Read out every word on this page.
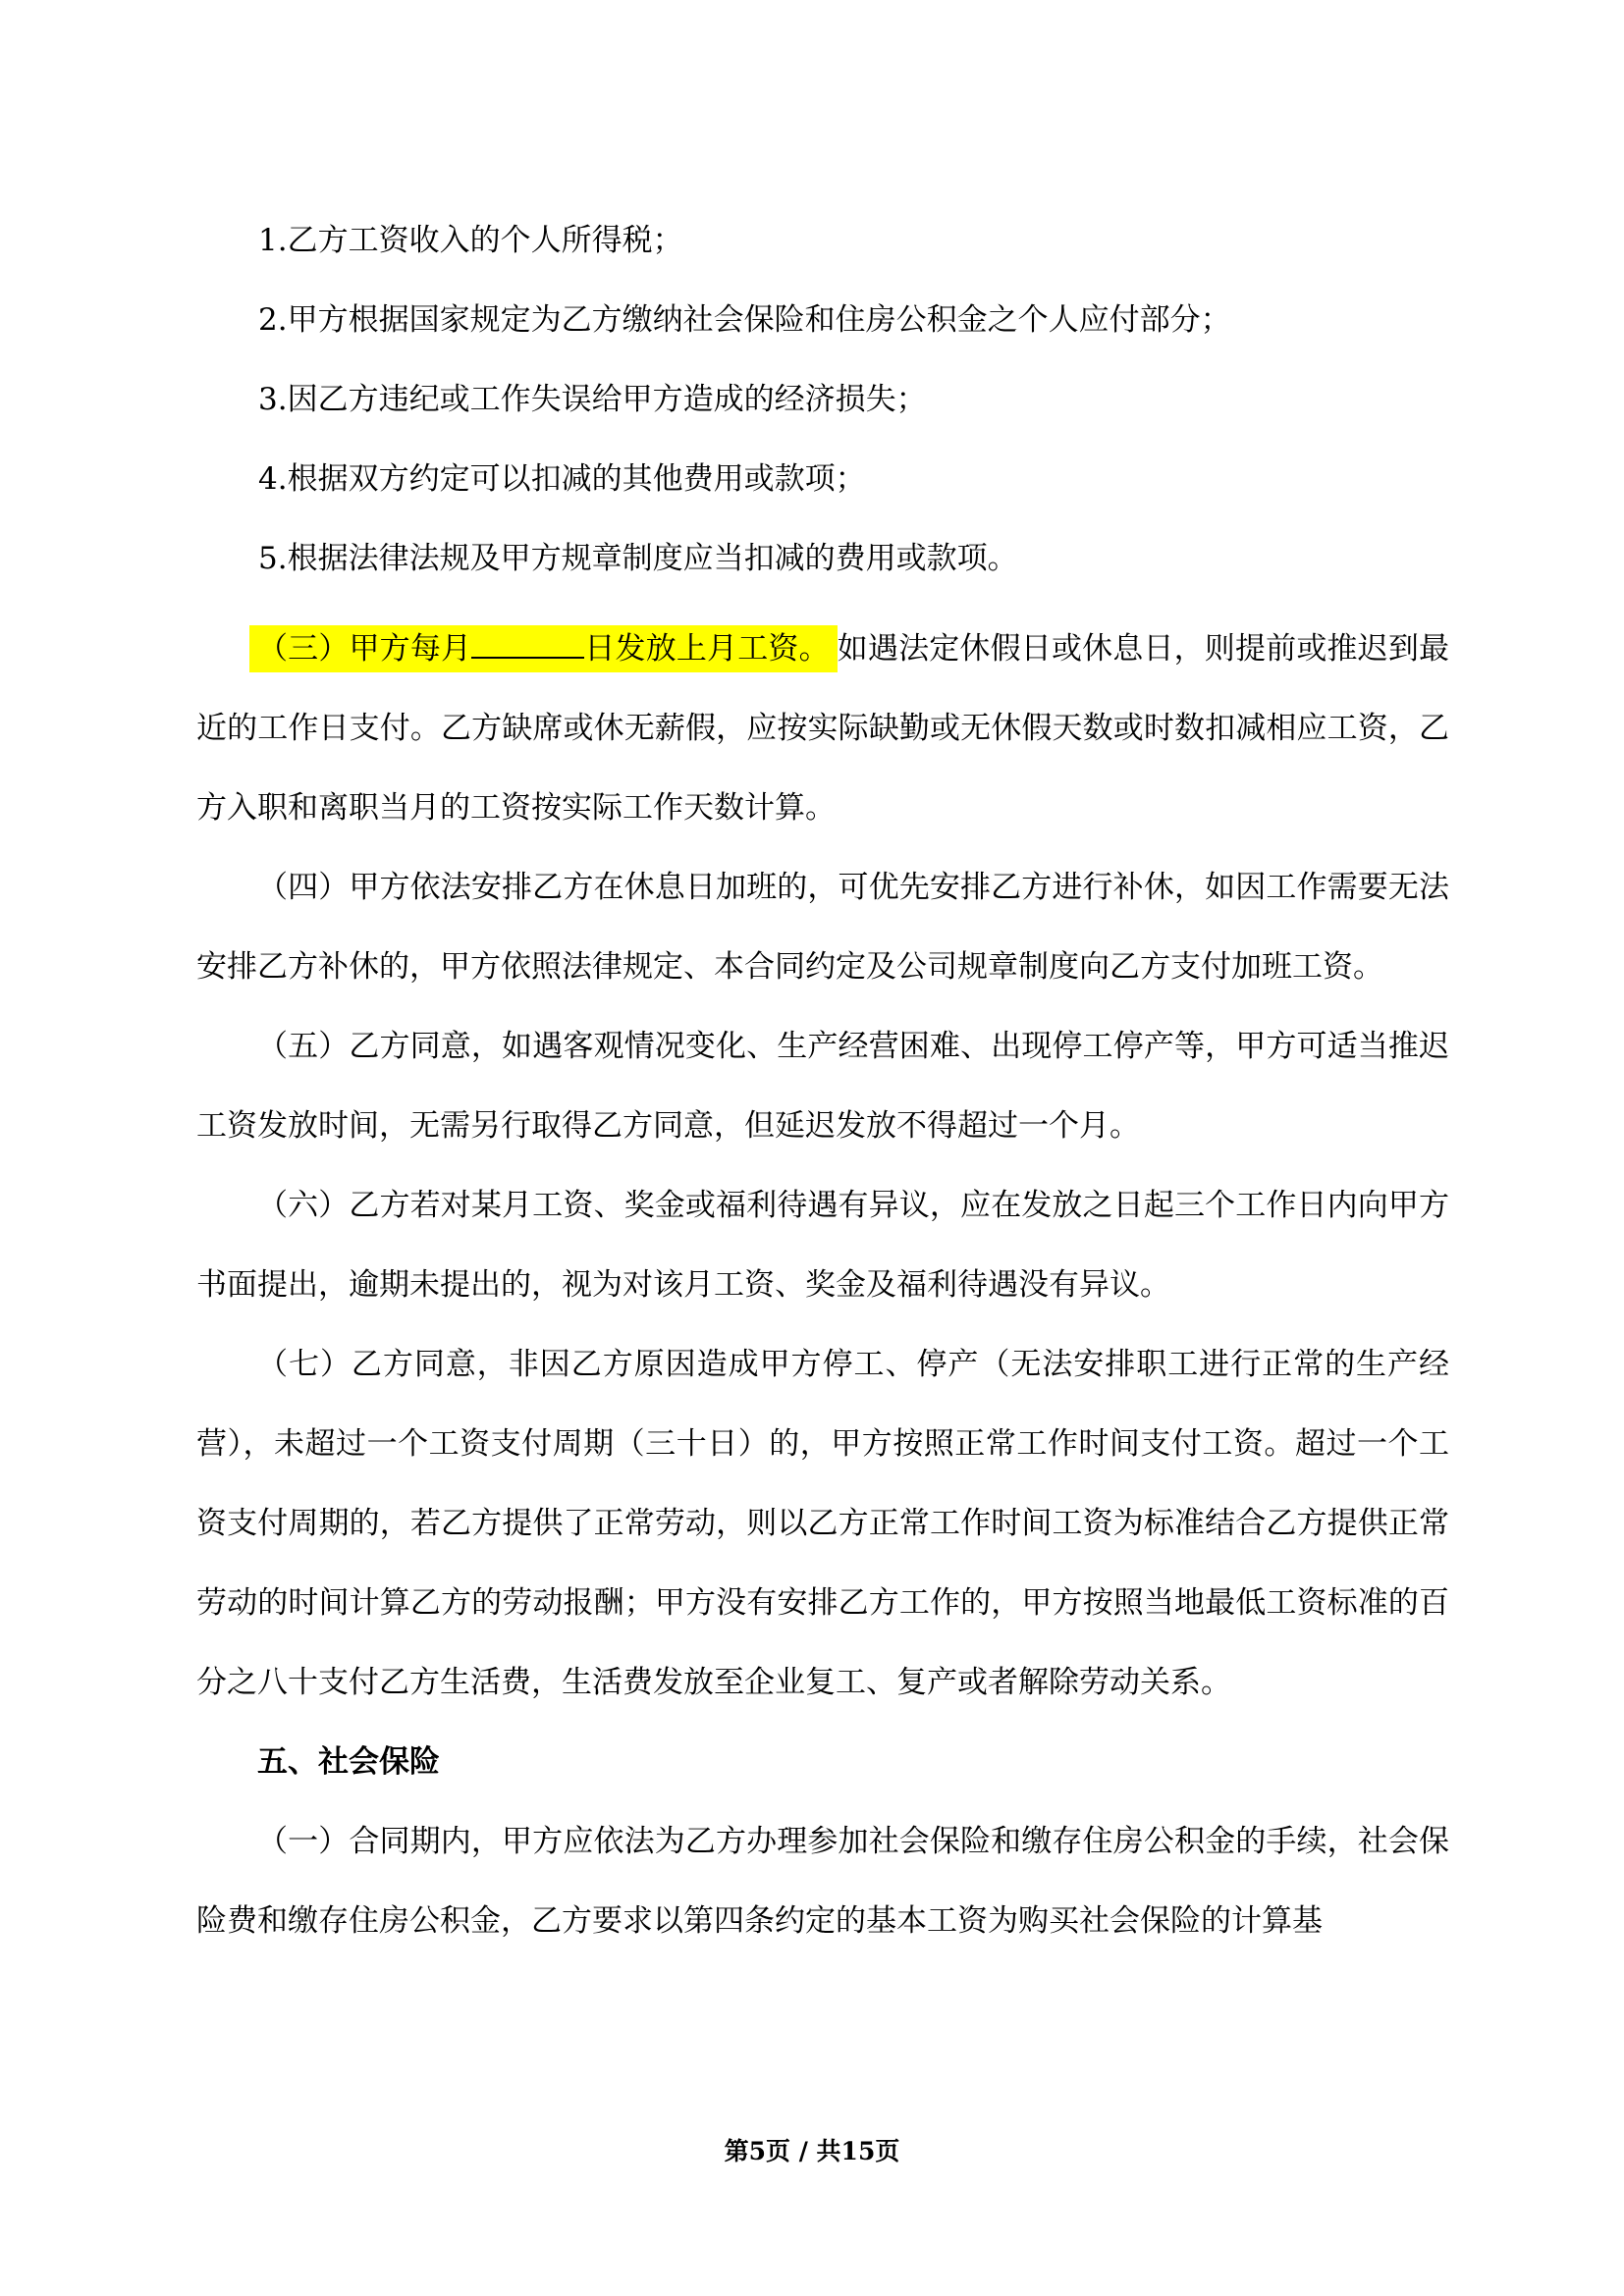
1.乙方工资收入的个人所得税；
2.甲方根据国家规定为乙方缴纳社会保险和住房公积金之个人应付部分；
3.因乙方违纪或工作失误给甲方造成的经济损失；
4.根据双方约定可以扣减的其他费用或款项；
5.根据法律法规及甲方规章制度应当扣减的费用或款项。

（三）甲方每月	日发放上月工资。 如遇法定休假日或休息日，则提前或推迟到最近的工作日支付。乙方缺席或休无薪假，应按实际缺勤或无休假天数或时数扣减相应工资，乙方入职和离职当月的工资按实际工作天数计算。

（四）甲方依法安排乙方在休息日加班的，可优先安排乙方进行补休，如因工作需要无法安排乙方补休的，甲方依照法律规定、本合同约定及公司规章制度向乙方支付加班工资。

（五）乙方同意，如遇客观情况变化、生产经营困难、出现停工停产等，甲方可适当推迟工资发放时间，无需另行取得乙方同意，但延迟发放不得超过一个月。

（六）乙方若对某月工资、奖金或福利待遇有异议，应在发放之日起三个工作日内向甲方书面提出，逾期未提出的，视为对该月工资、奖金及福利待遇没有异议。

（七）乙方同意，非因乙方原因造成甲方停工、停产（无法安排职工进行正常的生产经营），未超过一个工资支付周期（三十日）的，甲方按照正常工作时间支付工资。超过一个工资支付周期的，若乙方提供了正常劳动，则以乙方正常工作时间工资为标准结合乙方提供正常劳动的时间计算乙方的劳动报酬；甲方没有安排乙方工作的，甲方按照当地最低工资标准的百分之八十支付乙方生活费，生活费发放至企业复工、复产或者解除劳动关系。

五、社会保险

（一）合同期内，甲方应依法为乙方办理参加社会保险和缴存住房公积金的手续，社会保险费和缴存住房公积金，乙方要求以第四条约定的基本工资为购买社会保险的计算基

第5页 / 共15页
